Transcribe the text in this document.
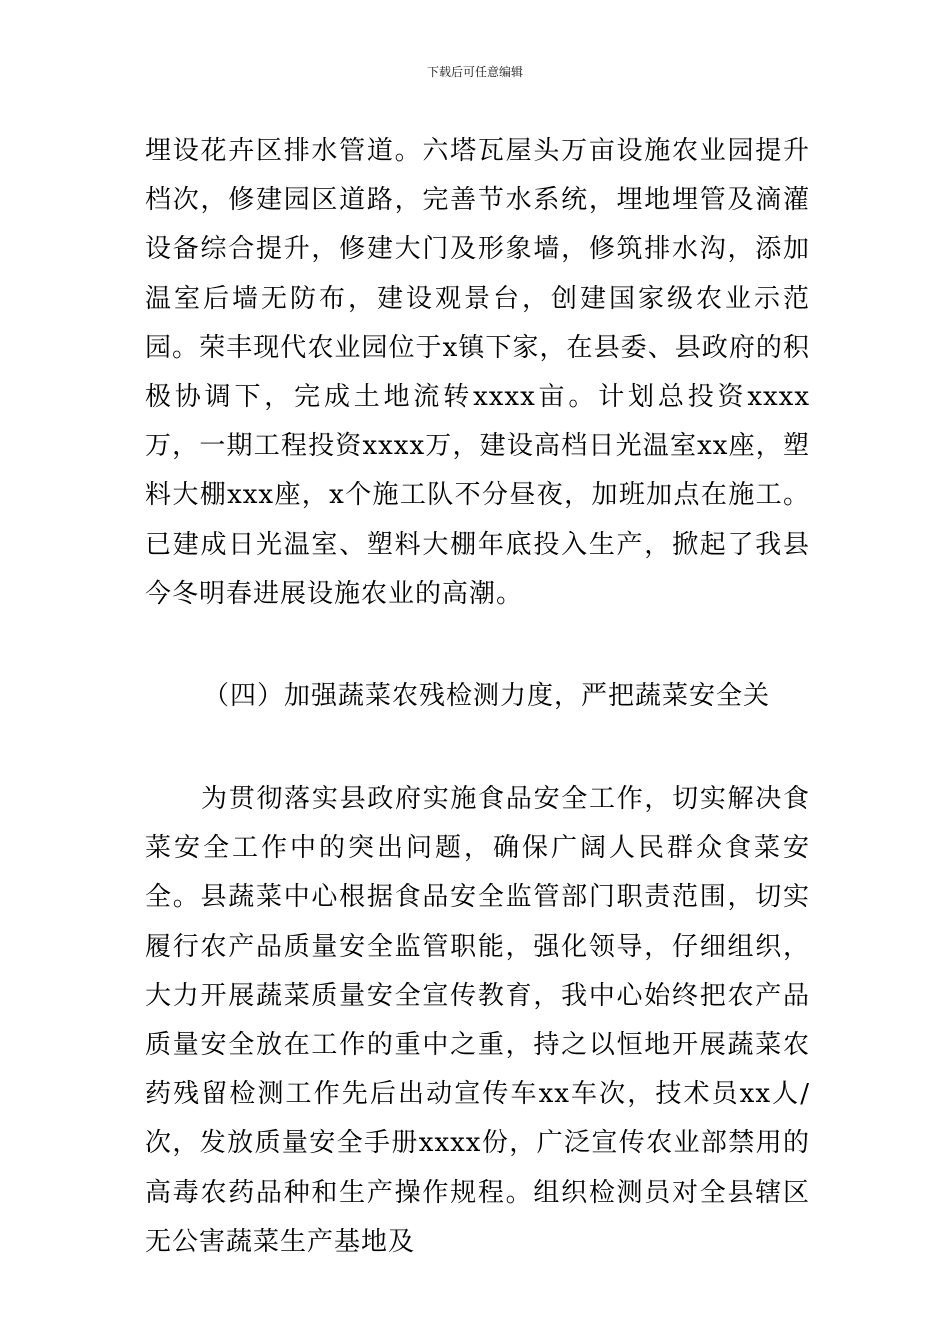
下载后可任意编辑

埋设花卉区排水管道。六塔瓦屋头万亩设施农业园提升档次，修建园区道路，完善节水系统，埋地埋管及滴灌设备综合提升，修建大门及形象墙，修筑排水沟，添加温室后墙无防布，建设观景台，创建国家级农业示范园。荣丰现代农业园位于x镇下家，在县委、县政府的积极协调下，完成土地流转xxxx亩。计划总投资xxxx万，一期工程投资xxxx万，建设高档日光温室xx座，塑料大棚xxx座，x个施工队不分昼夜，加班加点在施工。已建成日光温室、塑料大棚年底投入生产，掀起了我县今冬明春进展设施农业的高潮。

（四）加强蔬菜农残检测力度，严把蔬菜安全关

为贯彻落实县政府实施食品安全工作，切实解决食菜安全工作中的突出问题，确保广阔人民群众食菜安全。县蔬菜中心根据食品安全监管部门职责范围，切实履行农产品质量安全监管职能，强化领导，仔细组织，大力开展蔬菜质量安全宣传教育，我中心始终把农产品质量安全放在工作的重中之重，持之以恒地开展蔬菜农药残留检测工作先后出动宣传车xx车次，技术员xx人/次，发放质量安全手册xxxx份，广泛宣传农业部禁用的高毒农药品种和生产操作规程。组织检测员对全县辖区无公害蔬菜生产基地及
